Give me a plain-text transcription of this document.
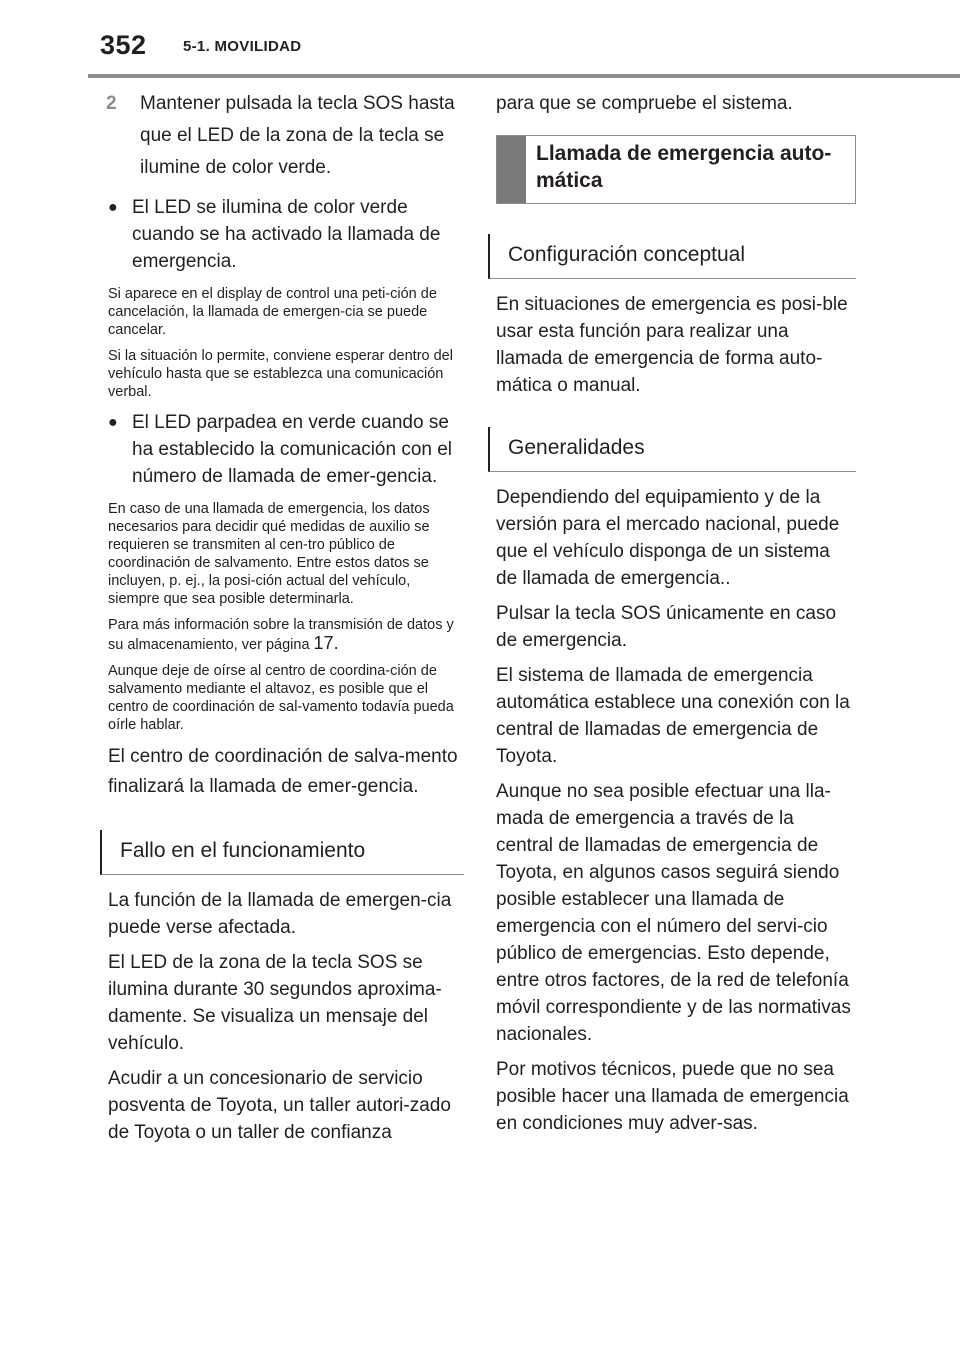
352 5-1. MOVILIDAD
2	Mantener pulsada la tecla SOS hasta que el LED de la zona de la tecla se ilumine de color verde.
● El LED se ilumina de color verde cuando se ha activado la llamada de emergencia.

Si aparece en el display de control una peti-ción de cancelación, la llamada de emergen-cia se puede cancelar.

Si la situación lo permite, conviene esperar dentro del vehículo hasta que se establezca una comunicación verbal.

● El LED parpadea en verde cuando se ha establecido la comunicación con el número de llamada de emer-gencia.

En caso de una llamada de emergencia, los datos necesarios para decidir qué medidas de auxilio se requieren se transmiten al cen-tro público de coordinación de salvamento. Entre estos datos se incluyen, p. ej., la posi-ción actual del vehículo, siempre que sea posible determinarla.

Para más información sobre la transmisión de datos y su almacenamiento, ver página 17.

Aunque deje de oírse al centro de coordina-ción de salvamento mediante el altavoz, es posible que el centro de coordinación de sal-vamento todavía pueda oírle hablar.

El centro de coordinación de salva-mento finalizará la llamada de emer-gencia.

Fallo en el funcionamiento

La función de la llamada de emergen-cia puede verse afectada.

El LED de la zona de la tecla SOS se ilumina durante 30 segundos aproxima-damente. Se visualiza un mensaje del vehículo.

Acudir a un concesionario de servicio posventa de Toyota, un taller autori-zado de Toyota o un taller de confianza

para que se compruebe el sistema.

Llamada de emergencia auto-mática
Configuración conceptual

En situaciones de emergencia es posi-ble usar esta función para realizar una llamada de emergencia de forma auto-mática o manual.

Generalidades

Dependiendo del equipamiento y de la versión para el mercado nacional, puede que el vehículo disponga de un sistema de llamada de emergencia..

Pulsar la tecla SOS únicamente en caso de emergencia.

El sistema de llamada de emergencia automática establece una conexión con la central de llamadas de emergencia de Toyota.

Aunque no sea posible efectuar una lla-mada de emergencia a través de la central de llamadas de emergencia de Toyota, en algunos casos seguirá siendo posible establecer una llamada de emergencia con el número del servi-cio público de emergencias. Esto depende, entre otros factores, de la red de telefonía móvil correspondiente y de las normativas nacionales.

Por motivos técnicos, puede que no sea posible hacer una llamada de emergencia en condiciones muy adver-sas.
